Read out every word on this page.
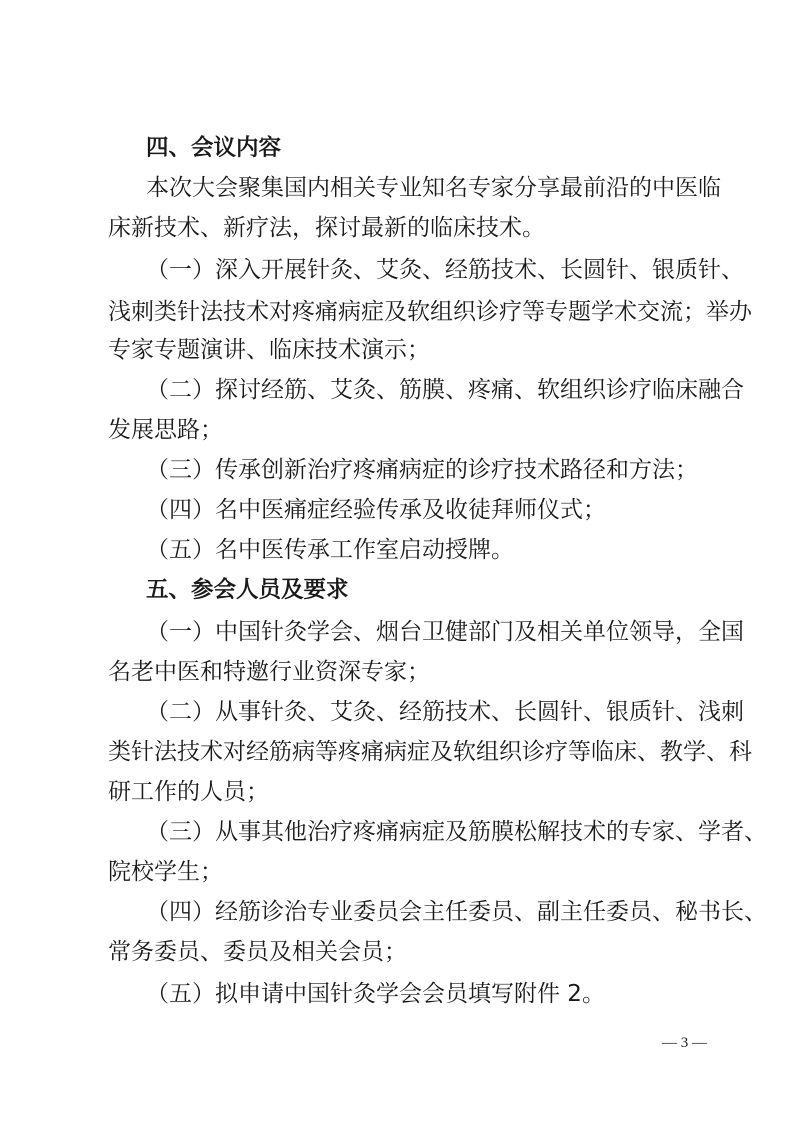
四、会议内容
本次大会聚集国内相关专业知名专家分享最前沿的中医临
床新技术、新疗法，探讨最新的临床技术。
（一）深入开展针灸、艾灸、经筋技术、长圆针、银质针、
浅刺类针法技术对疼痛病症及软组织诊疗等专题学术交流；举办
专家专题演讲、临床技术演示；
（二）探讨经筋、艾灸、筋膜、疼痛、软组织诊疗临床融合
发展思路；
（三）传承创新治疗疼痛病症的诊疗技术路径和方法；
（四）名中医痛症经验传承及收徒拜师仪式；
（五）名中医传承工作室启动授牌。
五、参会人员及要求
（一）中国针灸学会、烟台卫健部门及相关单位领导，全国
名老中医和特邀行业资深专家；
（二）从事针灸、艾灸、经筋技术、长圆针、银质针、浅刺
类针法技术对经筋病等疼痛病症及软组织诊疗等临床、教学、科
研工作的人员；
（三）从事其他治疗疼痛病症及筋膜松解技术的专家、学者、
院校学生；
（四）经筋诊治专业委员会主任委员、副主任委员、秘书长、
常务委员、委员及相关会员；
（五）拟申请中国针灸学会会员填写附件 2。
— 3 —
